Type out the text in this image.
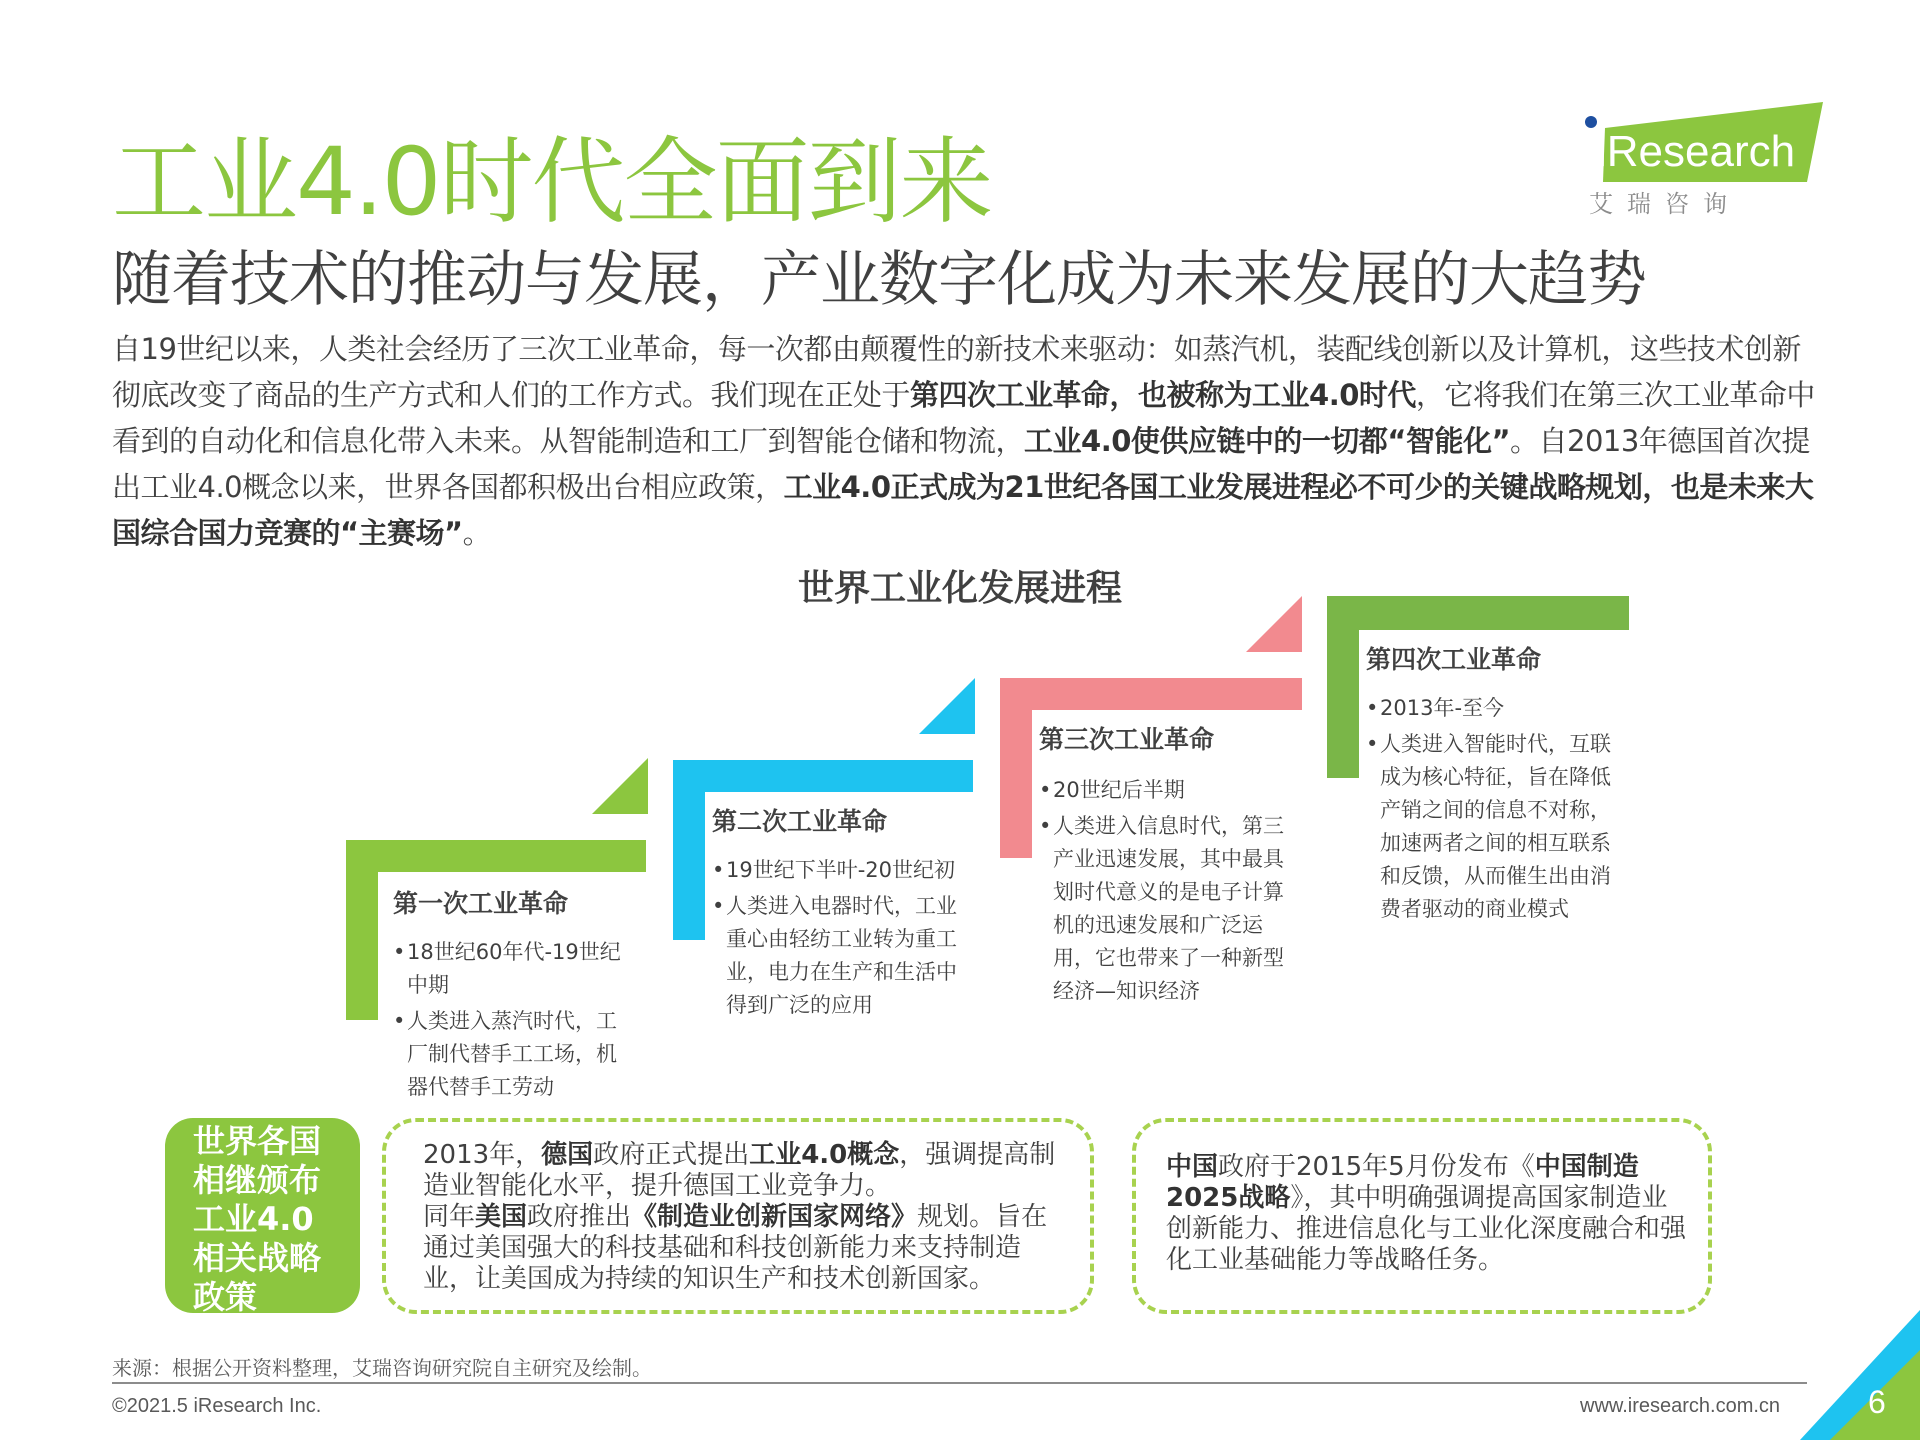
工业4.0时代全面到来	iResearch
艾瑞咨询
随着技术的推动与发展，产业数字化成为未来发展的大趋势
自19世纪以来，人类社会经历了三次工业革命，每一次都由颠覆性的新技术来驱动：如蒸汽机，装配线创新以及计算机，这些技术创新彻底改变了商品的生产方式和人们的工作方式。我们现在正处于第四次工业革命，也被称为工业4.0时代，它将我们在第三次工业革命中看到的自动化和信息化带入未来。从智能制造和工厂到智能仓储和物流，工业4.0使供应链中的一切都“智能化”。自2013年德国首次提出工业4.0概念以来，世界各国都积极出台相应政策，工业4.0正式成为21世纪各国工业发展进程必不可少的关键战略规划，也是未来大国综合国力竞赛的“主赛场”。
世界工业化发展进程
第一次工业革命
• 18世纪60年代-19世纪中期
• 人类进入蒸汽时代，工厂制代替手工工场，机器代替手工劳动
第二次工业革命
• 19世纪下半叶-20世纪初
• 人类进入电器时代，工业重心由轻纺工业转为重工业，电力在生产和生活中得到广泛的应用
第三次工业革命
• 20世纪后半期
• 人类进入信息时代，第三产业迅速发展，其中最具划时代意义的是电子计算机的迅速发展和广泛运用，它也带来了一种新型经济—知识经济
第四次工业革命
• 2013年-至今
• 人类进入智能时代，互联成为核心特征，旨在降低产销之间的信息不对称，加速两者之间的相互联系和反馈，从而催生出由消费者驱动的商业模式
世界各国相继颁布工业4.0相关战略政策
2013年，德国政府正式提出工业4.0概念，强调提高制造业智能化水平，提升德国工业竞争力。
同年美国政府推出《制造业创新国家网络》规划。旨在通过美国强大的科技基础和科技创新能力来支持制造业，让美国成为持续的知识生产和技术创新国家。
中国政府于2015年5月份发布《中国制造2025战略》，其中明确强调提高国家制造业创新能力、推进信息化与工业化深度融合和强化工业基础能力等战略任务。
来源：根据公开资料整理，艾瑞咨询研究院自主研究及绘制。
©2021.5 iResearch Inc.	www.iresearch.com.cn	6
